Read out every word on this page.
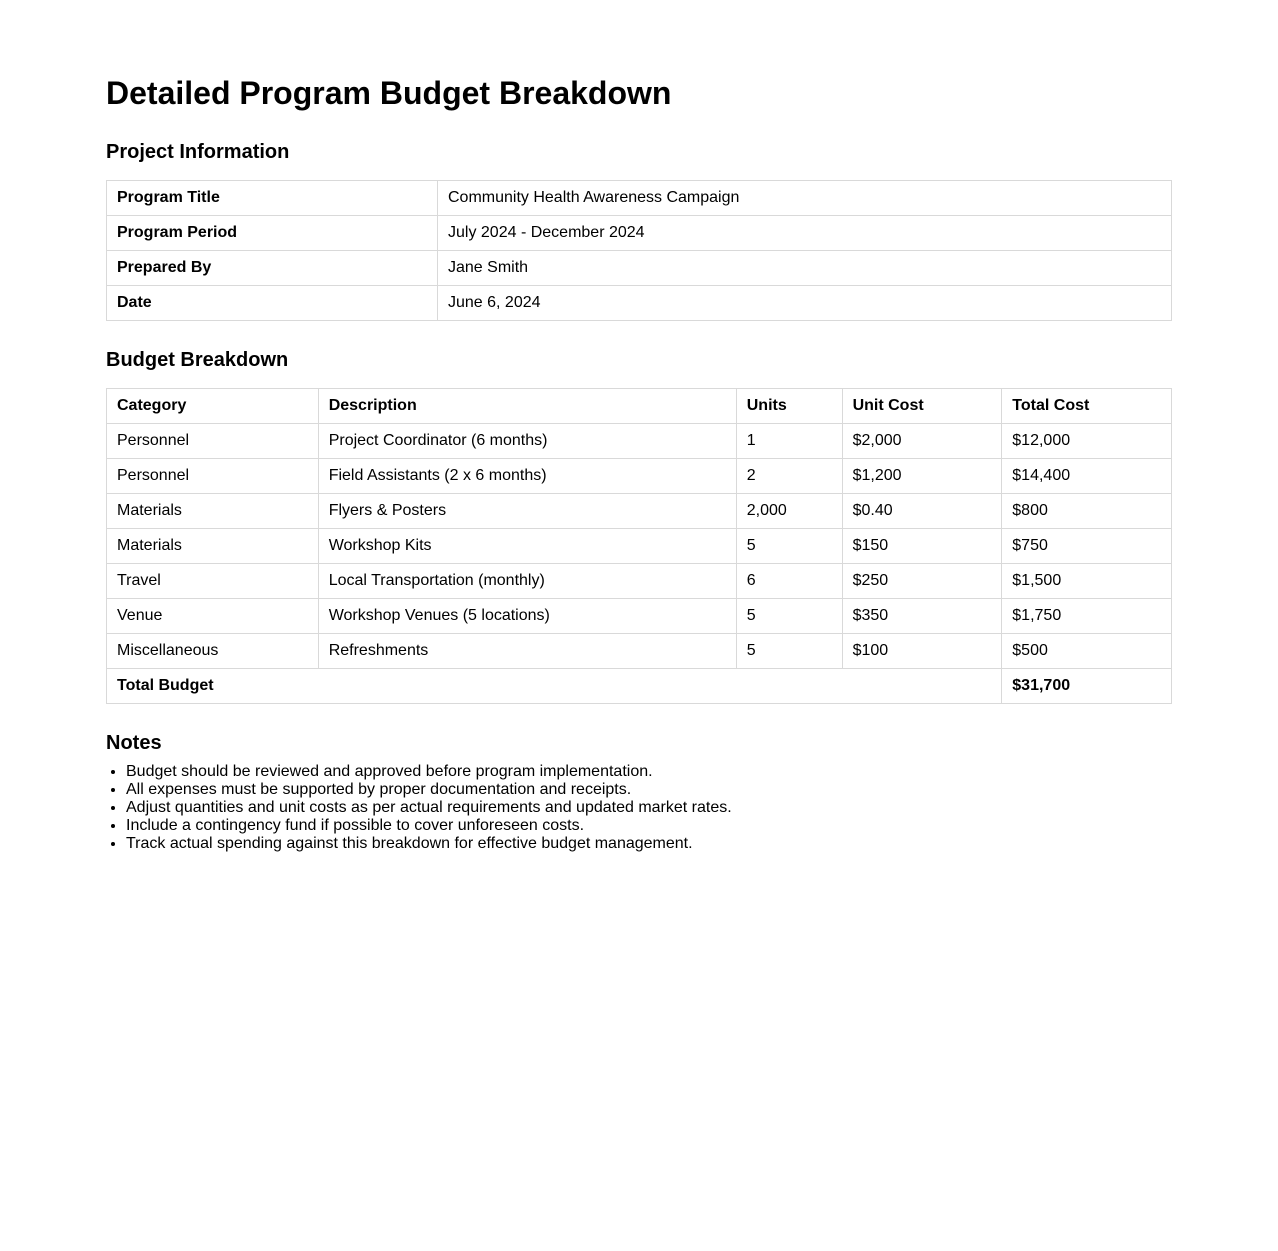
Detailed Program Budget Breakdown
Project Information
Program Title	Community Health Awareness Campaign
Program Period	July 2024 - December 2024
Prepared By	Jane Smith
Date	June 6, 2024
Budget Breakdown
Category	Description	Units	Unit Cost	Total Cost
Personnel	Project Coordinator (6 months)	1	$2,000	$12,000
Personnel	Field Assistants (2 x 6 months)	2	$1,200	$14,400
Materials	Flyers & Posters	2,000	$0.40	$800
Materials	Workshop Kits	5	$150	$750
Travel	Local Transportation (monthly)	6	$250	$1,500
Venue	Workshop Venues (5 locations)	5	$350	$1,750
Miscellaneous	Refreshments	5	$100	$500
Total Budget				$31,700
Notes
• Budget should be reviewed and approved before program implementation.
• All expenses must be supported by proper documentation and receipts.
• Adjust quantities and unit costs as per actual requirements and updated market rates.
• Include a contingency fund if possible to cover unforeseen costs.
• Track actual spending against this breakdown for effective budget management.
